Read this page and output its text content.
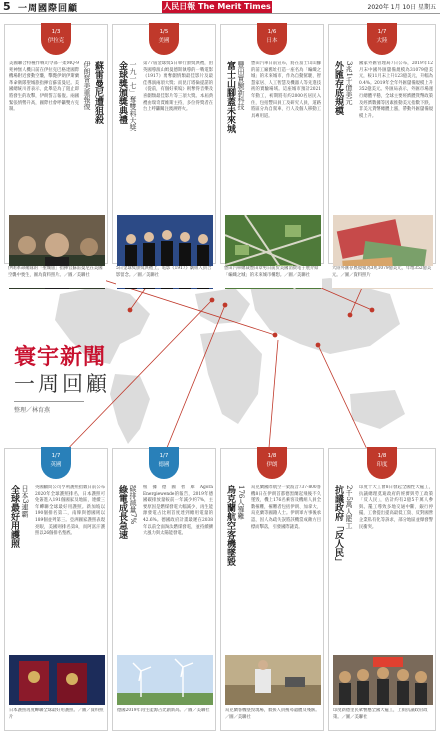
5 一周國際回顧	人民日報 The Merit Times	2020年 1月 10日 星期五
寰宇新聞
一周回顧
整理／林育燕
1/3
伊拉克
蘇雷曼尼遭狙殺
伊朗誓美重報復
美國聯合特種作戰司令部一架MQ-9死神無人機日前在伊拉克巴格達國際機場附近發動空襲，擊斃伊朗伊斯蘭革命衛隊聖城旅指揮官蘇雷曼尼。美國總統川普表示，此舉是為了阻止即將發生的攻擊，伊朗誓言報復。兩國緊張情勢升高，國際社會呼籲雙方克制。
伊朗革命衛隊的「聖城旅」指揮官蘇雷曼尼在美國空襲中喪生，圖為資料照片。／圖／美聯社
1/5
美國
金球獎頒獎典禮 一九一七」奪雙料大獎 第77屆金球獎5日舉行頒獎典禮，由英國導演山姆曼德斯執導的一戰電影《1917》勇奪劇情類最佳影片及最佳導演兩項大獎；而昆汀塔倫提諾的《從前，有個好萊塢》則奪得音樂及喜劇類最佳影片等三項大獎。本屆典禮由瑞奇賈維斯主持，多位得獎者在台上呼籲關注澳洲野火。
5日金球獎頒獎典禮上，電影《1917》劇組人員合影留念。／圖／美聯社
1/6
日本
富士山腳蓋未來城 豐田實驗新科技 豐田汽車日前宣布，將在富士山山腳的前工廠舊址打造一座名為「編織之城」的未來城市，作為自動駕駛、智慧家居、人工智慧及機器人等先進技術的實驗場域。這座城市預計2021年動工，初期將有約2000名居民入住，包括豐田員工及研究人員，道路將區分為自駕車、行人及個人移動工具專用道。
豐田汽車總裁豐田章男日前於美國消費電子展介紹「編織之城」的未來城市構想。／圖／美聯社
1/7
大陸
外匯存底規模 3兆1千億美元 國家外匯管理局7日公布，2019年12月末中國外匯儲備規模為31079億美元，較11月末上升123億美元，升幅為0.4%。2019年全年外匯儲備規模上升352億美元。外匯局表示，外匯市場運行總體平穩，全球主要經濟體貨幣政策及經濟數據等因素推動美元指數下跌，非美元貨幣總體上漲，帶動外匯儲備規模上升。
大陸外匯存底規模為3兆1079億美元，年增352億美元。／圖／資料照片
1/7
英國
全球最好用護照 日本3連霸 英國顧問公司亨利護照指數日前公布2020年全球護照排名，日本護照可免簽進入191個國家及地區，連續三年蟬聯全球最好用護照。新加坡以190個排名第二，南韓與德國則以189個並列第三。亞洲國家護照表現亮眼，美國則排名第8，而阿富汗護照以26個排名墊底。
日本護照再度蟬聯全球最好用護照。／圖／資料照片
1/7
德國
綠電成長急速 碳排減量7% 根據德國智庫Agora Energiewende的報告，2019年德國碳排放量較前一年減少約7%，主要原因是燃煤發電大幅減少，再生能源發電占比則首度達到總用電量的42.6%。德國政府計畫最遲在2038年以前全面淘汰燃煤發電，並持續擴大風力與太陽能發電。
德國2019年再生能源占比創新高。／圖／美聯社
1/8
伊朗
烏克蘭航空客機墜毀 176人罹難 烏克蘭國際航空一架波音737-800客機8日在伊朗首都德黑蘭起飛後不久墜毀，機上176名乘客及機組人員全數罹難，罹難者包括伊朗、加拿大、烏克蘭等國籍人士。伊朗軍方事後承認，因人為疏失誤將該機當成敵方目標而擊落，引發國際譴責。
烏克蘭客機墜毀現場，救援人員搜尋遺體及殘骸。／圖／美聯社
1/8
印度
抗議政府「反人民」 2千5萬人罷工 印度十大工會8日發起全國性大罷工，抗議總理莫迪政府的經濟與勞工政策「反人民」，估計約有2億5千萬人參與。罷工導致多地交通中斷、銀行停擺，工會提出提高最低工資、反對國營企業私有化等訴求，部分地區並爆發警民衝突。
印度新德里民眾響應全國大罷工，上街抗議政府政策。／圖／美聯社
